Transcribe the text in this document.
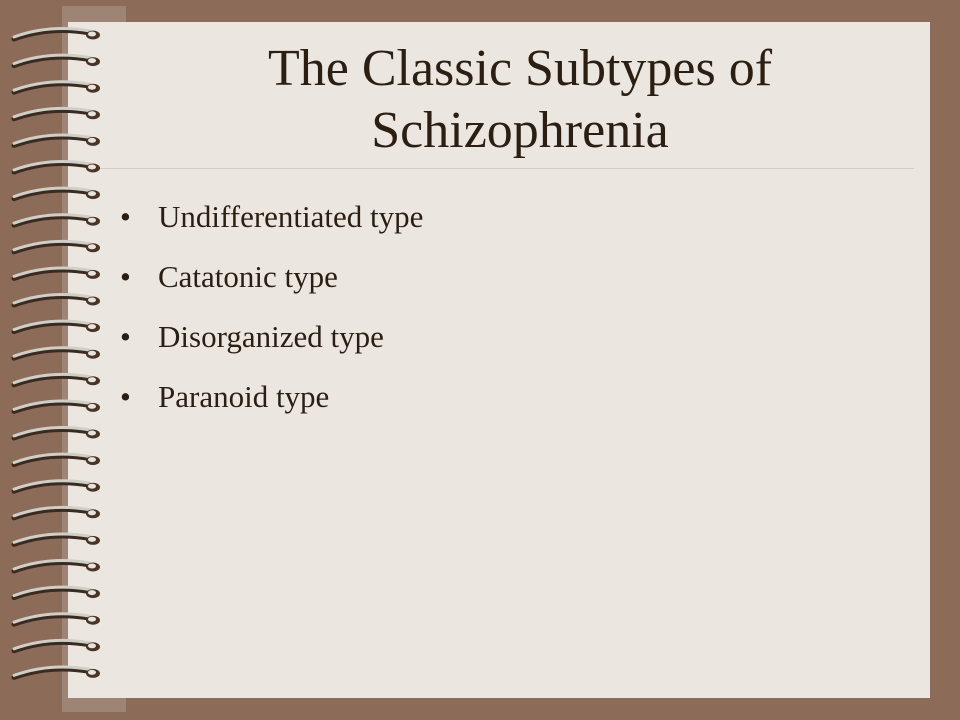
The Classic Subtypes of
Schizophrenia
• Undifferentiated type
• Catatonic type
• Disorganized type
• Paranoid type
